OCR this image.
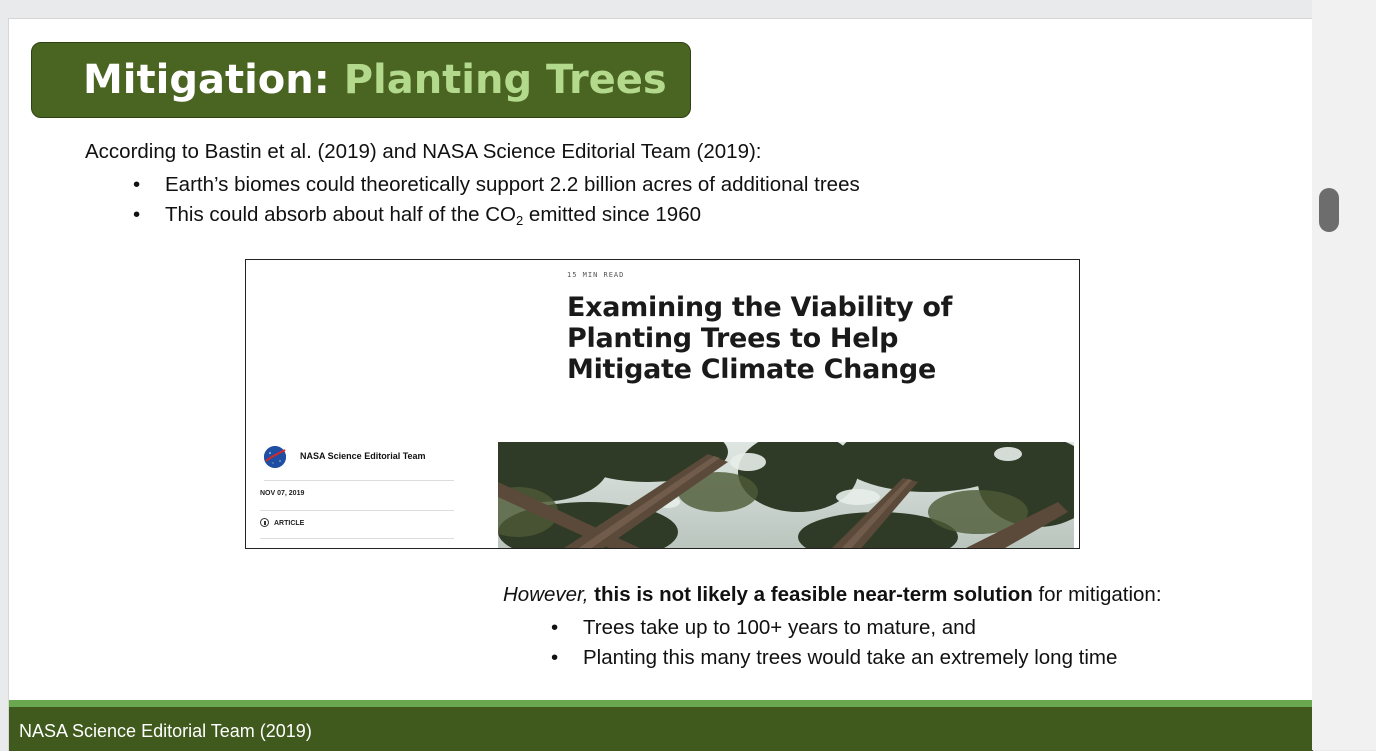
Mitigation: Planting Trees
According to Bastin et al. (2019) and NASA Science Editorial Team (2019):
• Earth’s biomes could theoretically support 2.2 billion acres of additional trees
• This could absorb about half of the $CO_2$ emitted since 1960
15 MIN READ
Examining the Viability of Planting Trees to Help Mitigate Climate Change
NASA Science Editorial Team
NOV 07, 2019
ARTICLE
However, this is not likely a feasible near-term solution for mitigation:
• Trees take up to 100+ years to mature, and
• Planting this many trees would take an extremely long time
NASA Science Editorial Team (2019)
